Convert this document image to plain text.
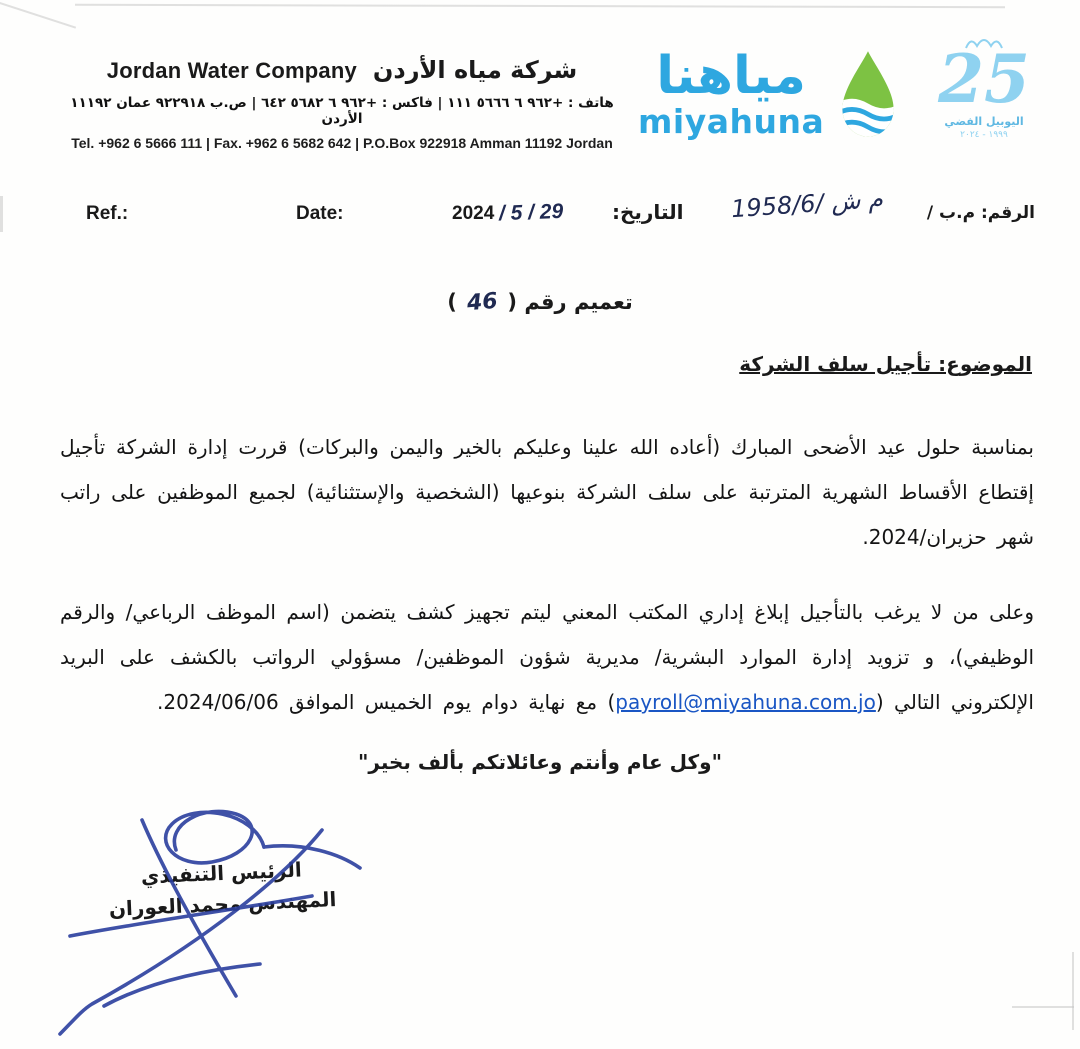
Jordan Water Company شركة مياه الأردن
هاتف : +٩٦٢ ٦ ٥٦٦٦ ١١١ | فاكس : +٩٦٢ ٦ ٥٦٨٢ ٦٤٢ | ص.ب ٩٢٢٩١٨ عمان ١١١٩٢ الأردن
Tel. +962 6 5666 111 | Fax. +962 6 5682 642 | P.O.Box 922918 Amman 11192 Jordan
مياهنا
miyahuna
25
اليوبيل الفضي
١٩٩٩ - ٢٠٢٤
Ref.:	Date:	2024 / 5 / 29 التاريخ:	1958/6/ م ش	الرقم: م.ب /
تعميم رقم (46)
الموضوع: تأجيل سلف الشركة

بمناسبة حلول عيد الأضحى المبارك (أعاده الله علينا وعليكم بالخير واليمن والبركات) قررت إدارة الشركة تأجيل إقتطاع الأقساط الشهرية المترتبة على سلف الشركة بنوعيها (الشخصية والإستثنائية) لجميع الموظفين على راتب شهر حزيران/2024.

وعلى من لا يرغب بالتأجيل إبلاغ إداري المكتب المعني ليتم تجهيز كشف يتضمن (اسم الموظف الرباعي/ والرقم الوظيفي)، و تزويد إدارة الموارد البشرية/ مديرية شؤون الموظفين/ مسؤولي الرواتب بالكشف على البريد الإلكتروني التالي (payroll@miyahuna.com.jo) مع نهاية دوام يوم الخميس الموافق 2024/06/06.

"وكل عام وأنتم وعائلاتكم بألف بخير"
الرئيس التنفيذي
المهندس محمد العوران
